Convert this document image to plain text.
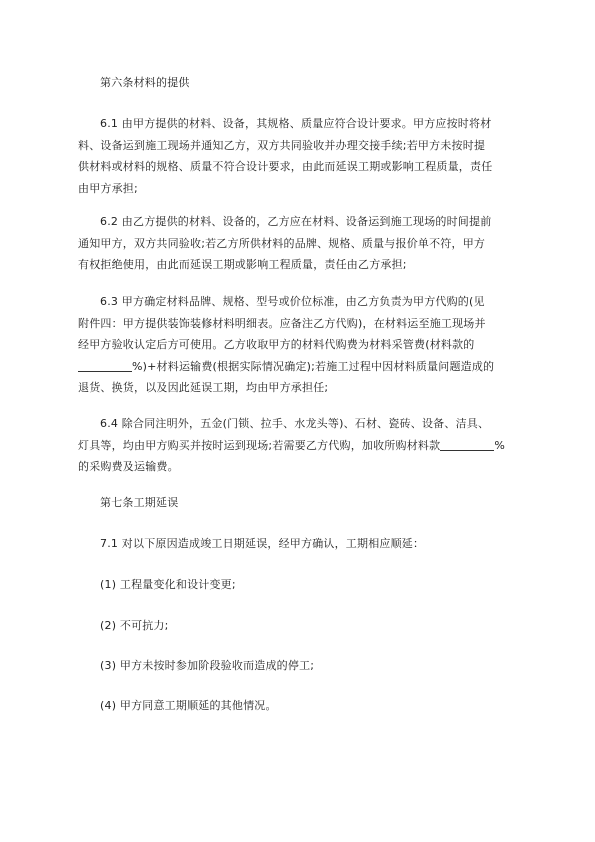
第六条材料的提供
6.1 由甲方提供的材料、设备，其规格、质量应符合设计要求。甲方应按时将材
料、设备运到施工现场并通知乙方，双方共同验收并办理交接手续;若甲方未按时提
供材料或材料的规格、质量不符合设计要求，由此而延误工期或影响工程质量，责任
由甲方承担;
6.2 由乙方提供的材料、设备的，乙方应在材料、设备运到施工现场的时间提前
通知甲方，双方共同验收;若乙方所供材料的品牌、规格、质量与报价单不符，甲方
有权拒绝使用，由此而延误工期或影响工程质量，责任由乙方承担;
6.3 甲方确定材料品牌、规格、型号或价位标准，由乙方负责为甲方代购的(见
附件四：甲方提供装饰装修材料明细表。应备注乙方代购)，在材料运至施工现场并
经甲方验收认定后方可使用。乙方收取甲方的材料代购费为材料采管费(材料款的
%)+材料运输费(根据实际情况确定);若施工过程中因材料质量问题造成的
退货、换货，以及因此延误工期，均由甲方承担任;
6.4 除合同注明外，五金(门锁、拉手、水龙头等)、石材、瓷砖、设备、洁具、
灯具等，均由甲方购买并按时运到现场;若需要乙方代购，加收所购材料款	%
的采购费及运输费。
第七条工期延误
7.1 对以下原因造成竣工日期延误，经甲方确认，工期相应顺延：
(1) 工程量变化和设计变更;
(2) 不可抗力;
(3) 甲方未按时参加阶段验收而造成的停工;
(4) 甲方同意工期顺延的其他情况。
